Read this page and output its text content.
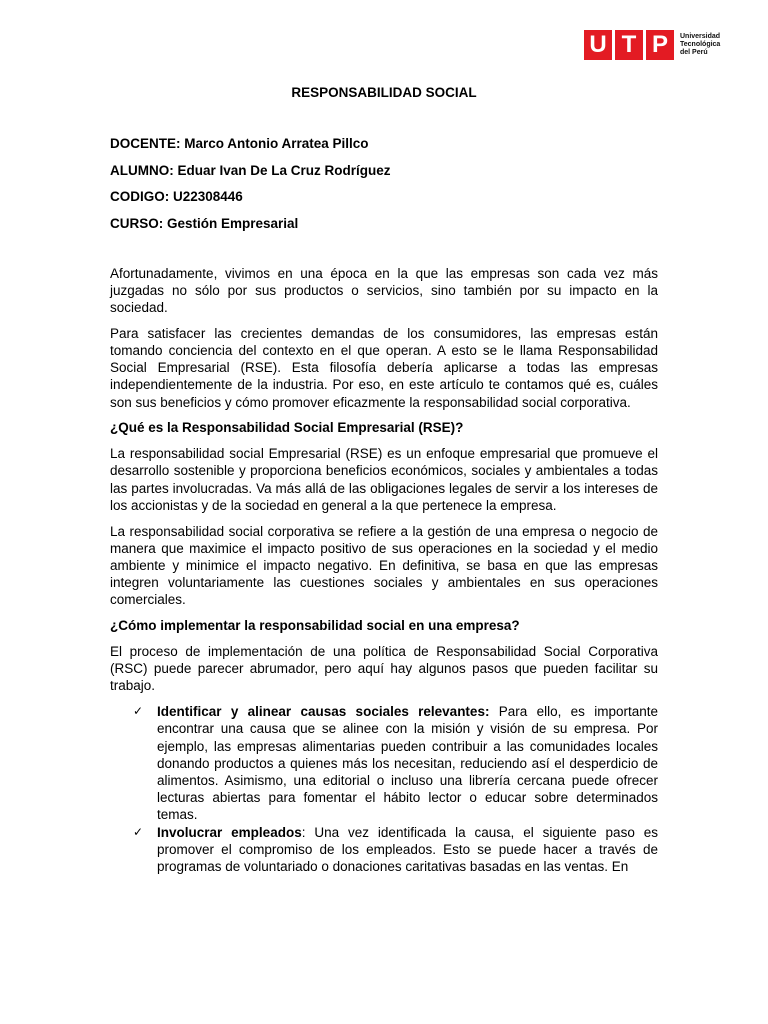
U T P	Universidad
Tecnológica
del Perú
RESPONSABILIDAD SOCIAL

DOCENTE: Marco Antonio Arratea Pillco

ALUMNO: Eduar Ivan De La Cruz Rodríguez

CODIGO: U22308446

CURSO: Gestión Empresarial

Afortunadamente, vivimos en una época en la que las empresas son cada vez más juzgadas no sólo por sus productos o servicios, sino también por su impacto en la sociedad.

Para satisfacer las crecientes demandas de los consumidores, las empresas están tomando conciencia del contexto en el que operan. A esto se le llama Responsabilidad Social Empresarial (RSE). Esta filosofía debería aplicarse a todas las empresas independientemente de la industria. Por eso, en este artículo te contamos qué es, cuáles son sus beneficios y cómo promover eficazmente la responsabilidad social corporativa.

¿Qué es la Responsabilidad Social Empresarial (RSE)?

La responsabilidad social Empresarial (RSE) es un enfoque empresarial que promueve el desarrollo sostenible y proporciona beneficios económicos, sociales y ambientales a todas las partes involucradas. Va más allá de las obligaciones legales de servir a los intereses de los accionistas y de la sociedad en general a la que pertenece la empresa.

La responsabilidad social corporativa se refiere a la gestión de una empresa o negocio de manera que maximice el impacto positivo de sus operaciones en la sociedad y el medio ambiente y minimice el impacto negativo. En definitiva, se basa en que las empresas integren voluntariamente las cuestiones sociales y ambientales en sus operaciones comerciales.

¿Cómo implementar la responsabilidad social en una empresa?

El proceso de implementación de una política de Responsabilidad Social Corporativa (RSC) puede parecer abrumador, pero aquí hay algunos pasos que pueden facilitar su trabajo.

✓ Identificar y alinear causas sociales relevantes: Para ello, es importante encontrar una causa que se alinee con la misión y visión de su empresa. Por ejemplo, las empresas alimentarias pueden contribuir a las comunidades locales donando productos a quienes más los necesitan, reduciendo así el desperdicio de alimentos. Asimismo, una editorial o incluso una librería cercana puede ofrecer lecturas abiertas para fomentar el hábito lector o educar sobre determinados temas.
✓ Involucrar empleados: Una vez identificada la causa, el siguiente paso es promover el compromiso de los empleados. Esto se puede hacer a través de programas de voluntariado o donaciones caritativas basadas en las ventas. En
